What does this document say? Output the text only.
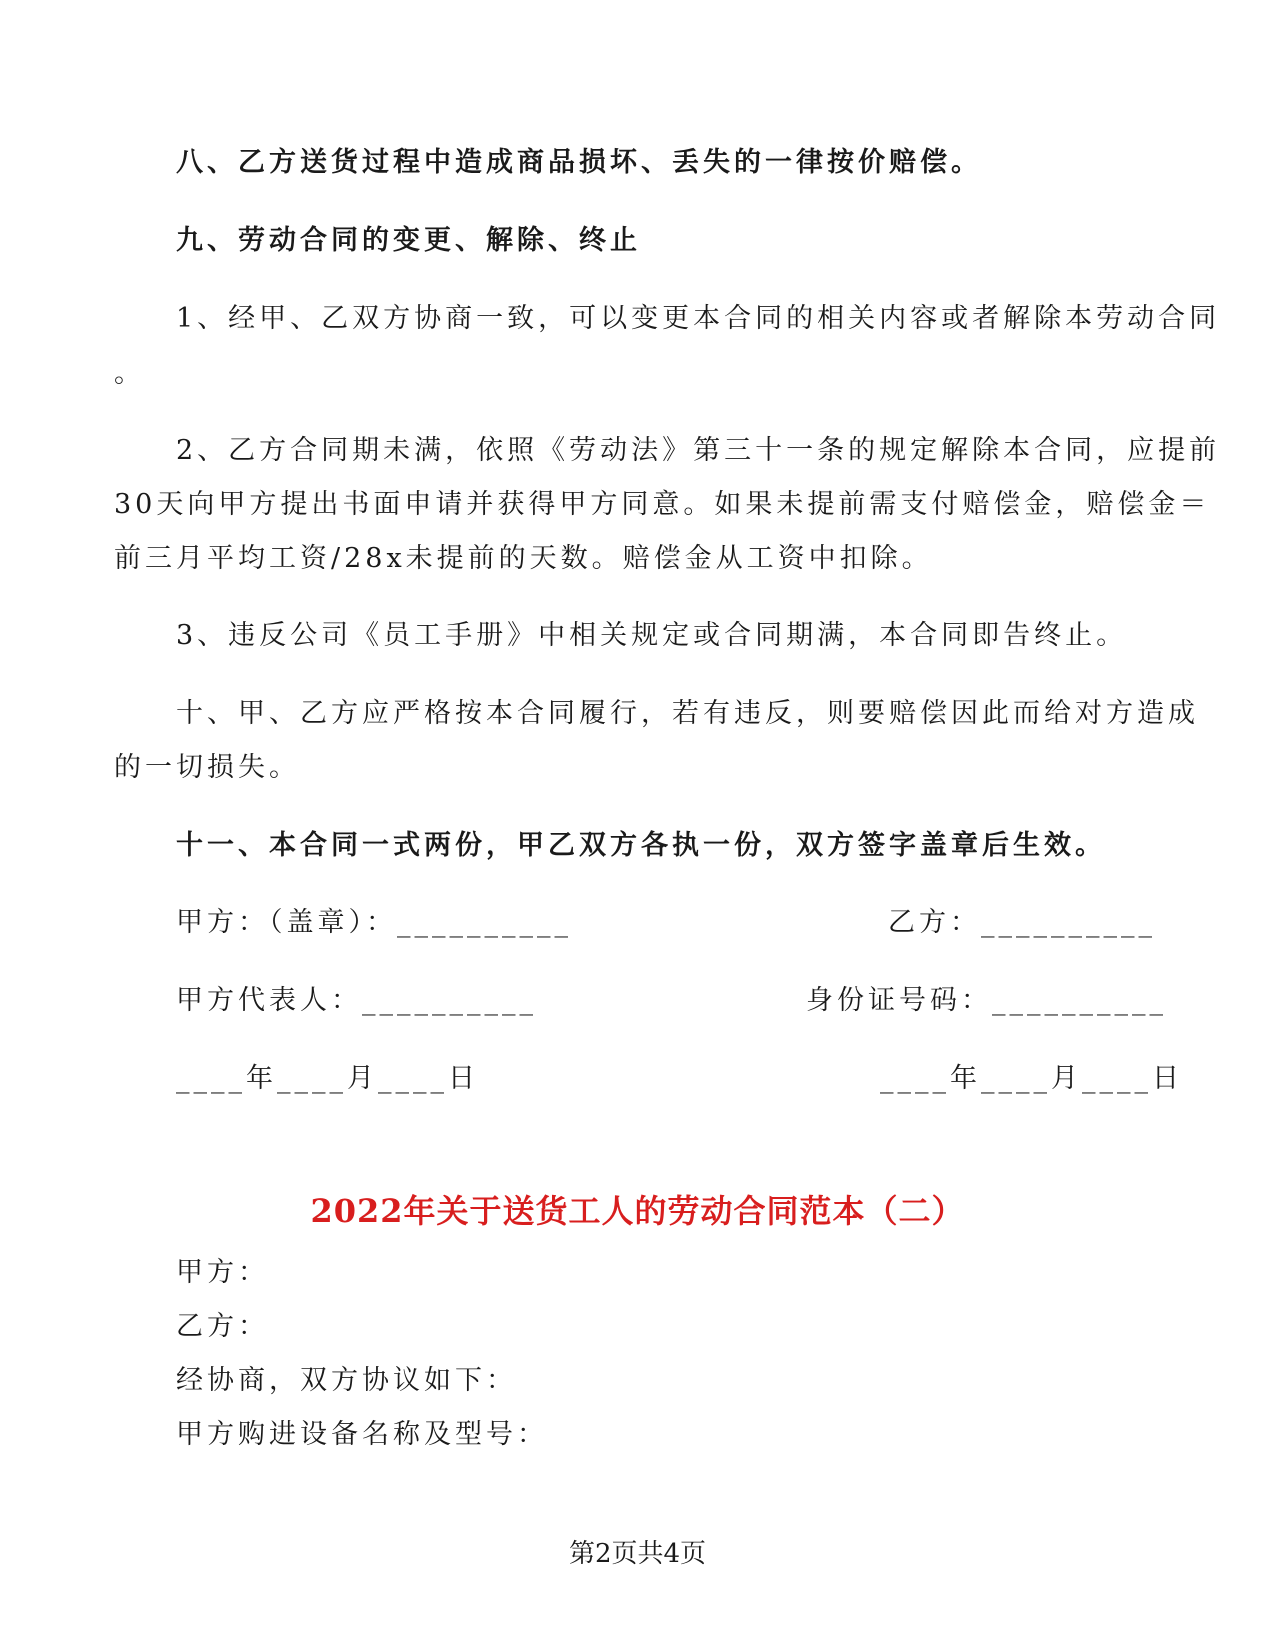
八、乙方送货过程中造成商品损坏、丢失的一律按价赔偿。
九、劳动合同的变更、解除、终止
1、经甲、乙双方协商一致，可以变更本合同的相关内容或者解除本劳动合同
。
2、乙方合同期未满，依照《劳动法》第三十一条的规定解除本合同，应提前
30天向甲方提出书面申请并获得甲方同意。如果未提前需支付赔偿金，赔偿金＝
前三月平均工资/28x未提前的天数。赔偿金从工资中扣除。
3、违反公司《员工手册》中相关规定或合同期满，本合同即告终止。
十、甲、乙方应严格按本合同履行，若有违反，则要赔偿因此而给对方造成
的一切损失。
十一、本合同一式两份，甲乙双方各执一份，双方签字盖章后生效。
甲方：（盖章）：__________	乙方：__________
甲方代表人：__________	身份证号码：__________
____年____月____日	____年____月____日
2022年关于送货工人的劳动合同范本（二）
甲方：
乙方：
经协商，双方协议如下：
甲方购进设备名称及型号：
第2页共4页
